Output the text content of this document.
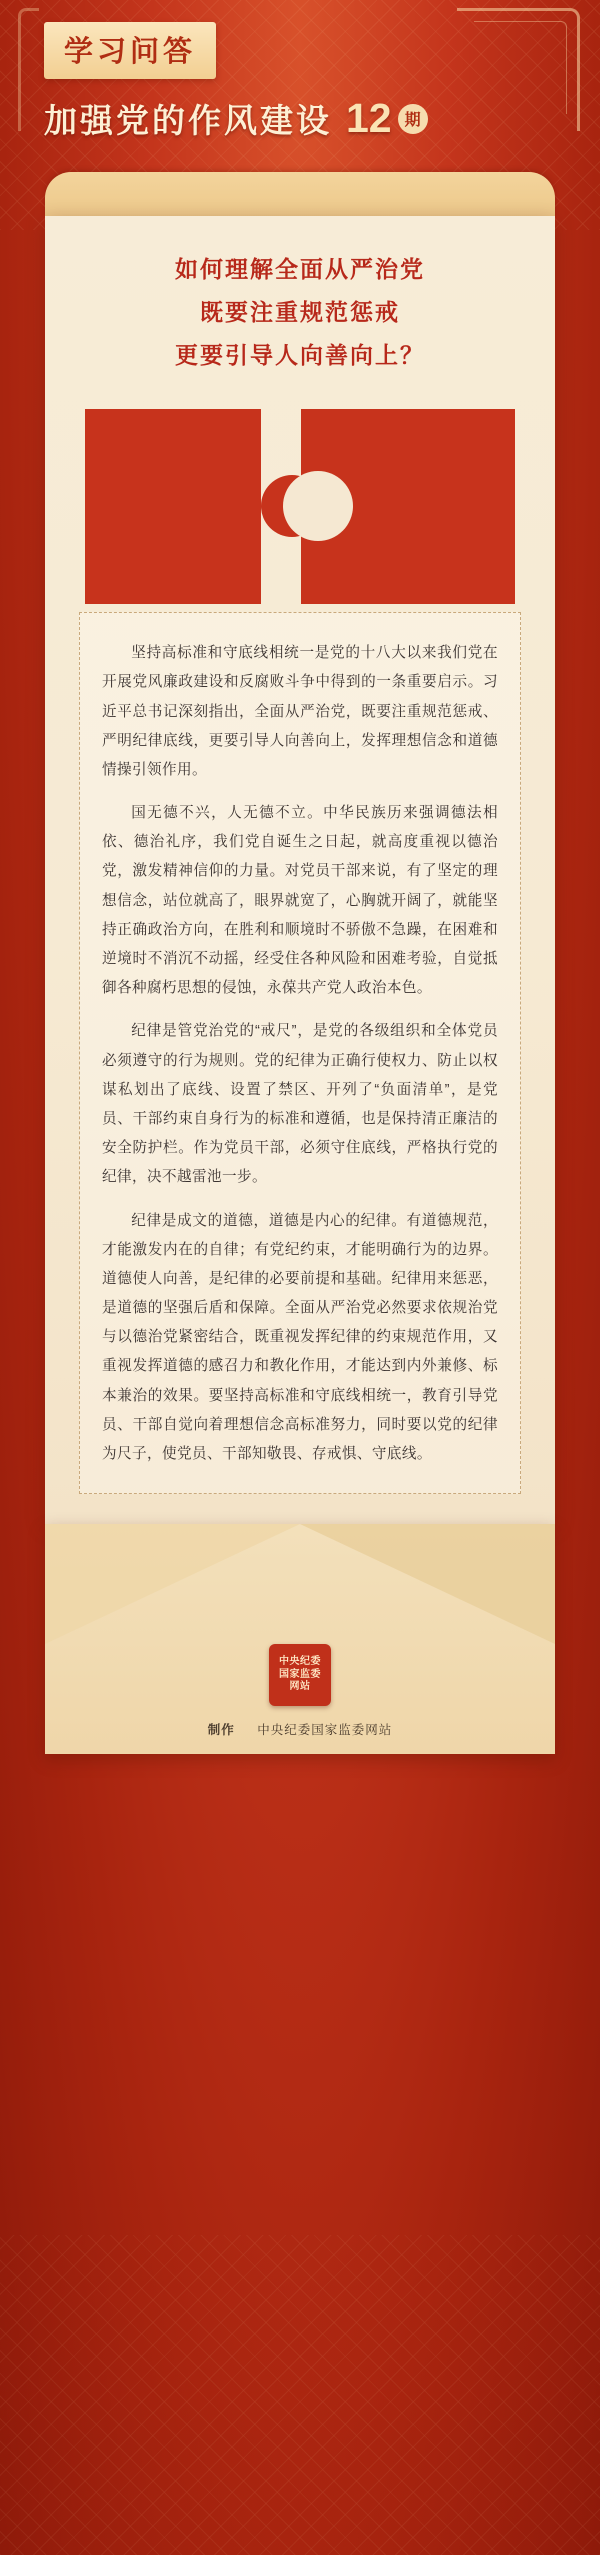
学习问答
加强党的作风建设 12 期

如何理解全面从严治党

既要注重规范惩戒

更要引导人向善向上？

坚持高标准和守底线相统一是党的十八大以来我们党在开展党风廉政建设和反腐败斗争中得到的一条重要启示。习近平总书记深刻指出，全面从严治党，既要注重规范惩戒、严明纪律底线，更要引导人向善向上，发挥理想信念和道德情操引领作用。

国无德不兴，人无德不立。中华民族历来强调德法相依、德治礼序，我们党自诞生之日起，就高度重视以德治党，激发精神信仰的力量。对党员干部来说，有了坚定的理想信念，站位就高了，眼界就宽了，心胸就开阔了，就能坚持正确政治方向，在胜利和顺境时不骄傲不急躁，在困难和逆境时不消沉不动摇，经受住各种风险和困难考验，自觉抵御各种腐朽思想的侵蚀，永葆共产党人政治本色。

纪律是管党治党的“戒尺”，是党的各级组织和全体党员必须遵守的行为规则。党的纪律为正确行使权力、防止以权谋私划出了底线、设置了禁区、开列了“负面清单”，是党员、干部约束自身行为的标准和遵循，也是保持清正廉洁的安全防护栏。作为党员干部，必须守住底线，严格执行党的纪律，决不越雷池一步。

纪律是成文的道德，道德是内心的纪律。有道德规范，才能激发内在的自律；有党纪约束，才能明确行为的边界。道德使人向善，是纪律的必要前提和基础。纪律用来惩恶，是道德的坚强后盾和保障。全面从严治党必然要求依规治党与以德治党紧密结合，既重视发挥纪律的约束规范作用，又重视发挥道德的感召力和教化作用，才能达到内外兼修、标本兼治的效果。要坚持高标准和守底线相统一，教育引导党员、干部自觉向着理想信念高标准努力，同时要以党的纪律为尺子，使党员、干部知敬畏、存戒惧、守底线。

中央纪委
国家监委
网站
制作 中央纪委国家监委网站
